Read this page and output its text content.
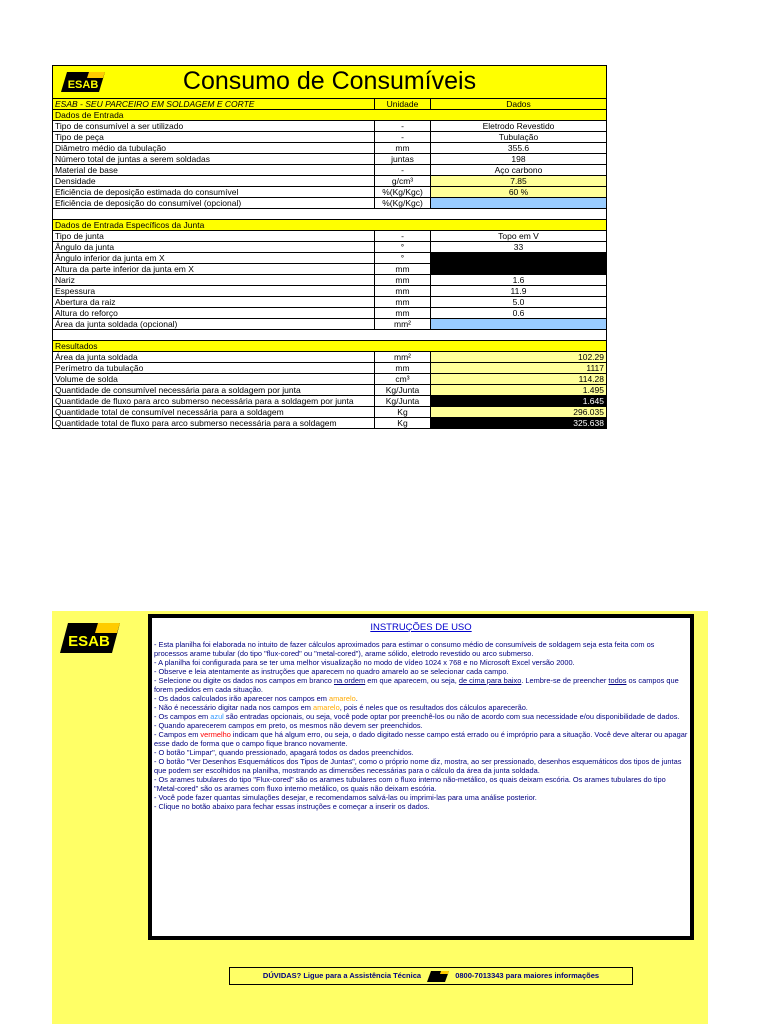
ESAB	Consumo de Consumíveis
ESAB - SEU PARCEIRO EM SOLDAGEM E CORTE	Unidade	Dados
Dados de Entrada		
Tipo de consumível a ser utilizado	-	Eletrodo Revestido
Tipo de peça	-	Tubulação
Diâmetro médio da tubulação	mm	355.6
Número total de juntas a serem soldadas	juntas	198
Material de base	-	Aço carbono
Densidade	g/cm³	7.85
Eficiência de deposição estimada do consumível	%(Kg/Kgc)	60 %
Eficiência de deposição do consumível (opcional)	%(Kg/Kgc)	

Dados de Entrada Específicos da Junta		
Tipo de junta	-	Topo em V
Ângulo da junta	°	33
Ângulo inferior da junta em X	°	
Altura da parte inferior da junta em X	mm	
Nariz	mm	1.6
Espessura	mm	11.9
Abertura da raiz	mm	5.0
Altura do reforço	mm	0.6
Área da junta soldada (opcional)	mm²	

Resultados		
Área da junta soldada	mm²	102.29
Perímetro da tubulação	mm	1117
Volume de solda	cm³	114.28
Quantidade de consumível necessária para a soldagem por junta	Kg/Junta	1.495
Quantidade de fluxo para arco submerso necessária para a soldagem por junta	Kg/Junta	1.645
Quantidade total de consumível necessária para a soldagem	Kg	296.035
Quantidade total de fluxo para arco submerso necessária para a soldagem	Kg	325.638
ESAB
INSTRUÇÕES DE USO
- Esta planilha foi elaborada no intuito de fazer cálculos aproximados para estimar o consumo médio de consumíveis de soldagem seja esta feita com os processos arame tubular (do tipo "flux-cored" ou "metal-cored"), arame sólido, eletrodo revestido ou arco submerso.
- A planilha foi configurada para se ter uma melhor visualização no modo de vídeo 1024 x 768 e no Microsoft Excel versão 2000.
- Observe e leia atentamente as instruções que aparecem no quadro amarelo ao se selecionar cada campo.
- Selecione ou digite os dados nos campos em branco na ordem em que aparecem, ou seja, de cima para baixo. Lembre-se de preencher todos os campos que forem pedidos em cada situação.
- Os dados calculados irão aparecer nos campos em amarelo.
- Não é necessário digitar nada nos campos em amarelo, pois é neles que os resultados dos cálculos aparecerão.
- Os campos em azul são entradas opcionais, ou seja, você pode optar por preenchê-los ou não de acordo com sua necessidade e/ou disponibilidade de dados.
- Quando aparecerem campos em preto, os mesmos não devem ser preenchidos.
- Campos em vermelho indicam que há algum erro, ou seja, o dado digitado nesse campo está errado ou é impróprio para a situação. Você deve alterar ou apagar esse dado de forma que o campo fique branco novamente.
- O botão "Limpar", quando pressionado, apagará todos os dados preenchidos.
- O botão "Ver Desenhos Esquemáticos dos Tipos de Juntas", como o próprio nome diz, mostra, ao ser pressionado, desenhos esquemáticos dos tipos de juntas que podem ser escolhidos na planilha, mostrando as dimensões necessárias para o cálculo da área da junta soldada.
- Os arames tubulares do tipo "Flux-cored" são os arames tubulares com o fluxo interno não-metálico, os quais deixam escória. Os arames tubulares do tipo "Metal-cored" são os arames com fluxo interno metálico, os quais não deixam escória.
- Você pode fazer quantas simulações desejar, e recomendamos salvá-las ou imprimi-las para uma análise posterior.
- Clique no botão abaixo para fechar essas instruções e começar a inserir os dados.
DÚVIDAS? Ligue para a Assistência Técnica	0800-7013343 para maiores informações
